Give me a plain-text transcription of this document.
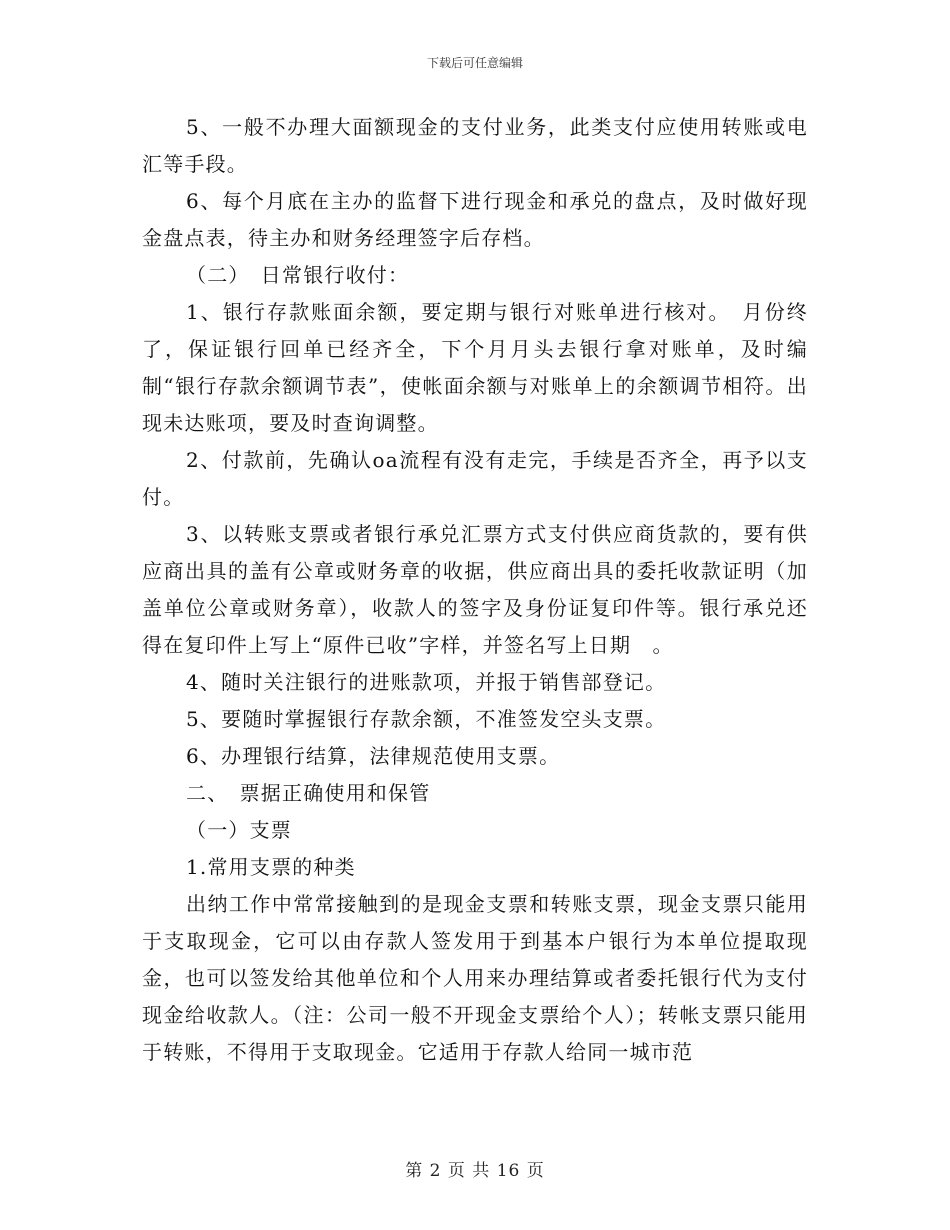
下载后可任意编辑

5、一般不办理大面额现金的支付业务，此类支付应使用转账或电汇等手段。

6、每个月底在主办的监督下进行现金和承兑的盘点，及时做好现金盘点表，待主办和财务经理签字后存档。

（二）　日常银行收付：

1、银行存款账面余额，要定期与银行对账单进行核对。　月份终了，保证银行回单已经齐全，下个月月头去银行拿对账单，及时编制“银行存款余额调节表”，使帐面余额与对账单上的余额调节相符。出现未达账项，要及时查询调整。

2、付款前，先确认oa流程有没有走完，手续是否齐全，再予以支付。

3、以转账支票或者银行承兑汇票方式支付供应商货款的，要有供应商出具的盖有公章或财务章的收据，供应商出具的委托收款证明（加盖单位公章或财务章），收款人的签字及身份证复印件等。银行承兑还得在复印件上写上“原件已收”字样，并签名写上日期　。

4、随时关注银行的进账款项，并报于销售部登记。

5、要随时掌握银行存款余额，不准签发空头支票。

6、办理银行结算，法律规范使用支票。

二、　票据正确使用和保管

（一）支票

1.常用支票的种类

出纳工作中常常接触到的是现金支票和转账支票，现金支票只能用于支取现金，它可以由存款人签发用于到基本户银行为本单位提取现金，也可以签发给其他单位和个人用来办理结算或者委托银行代为支付现金给收款人。（注：公司一般不开现金支票给个人）；转帐支票只能用于转账，不得用于支取现金。它适用于存款人给同一城市范

第 2 页 共 16 页
